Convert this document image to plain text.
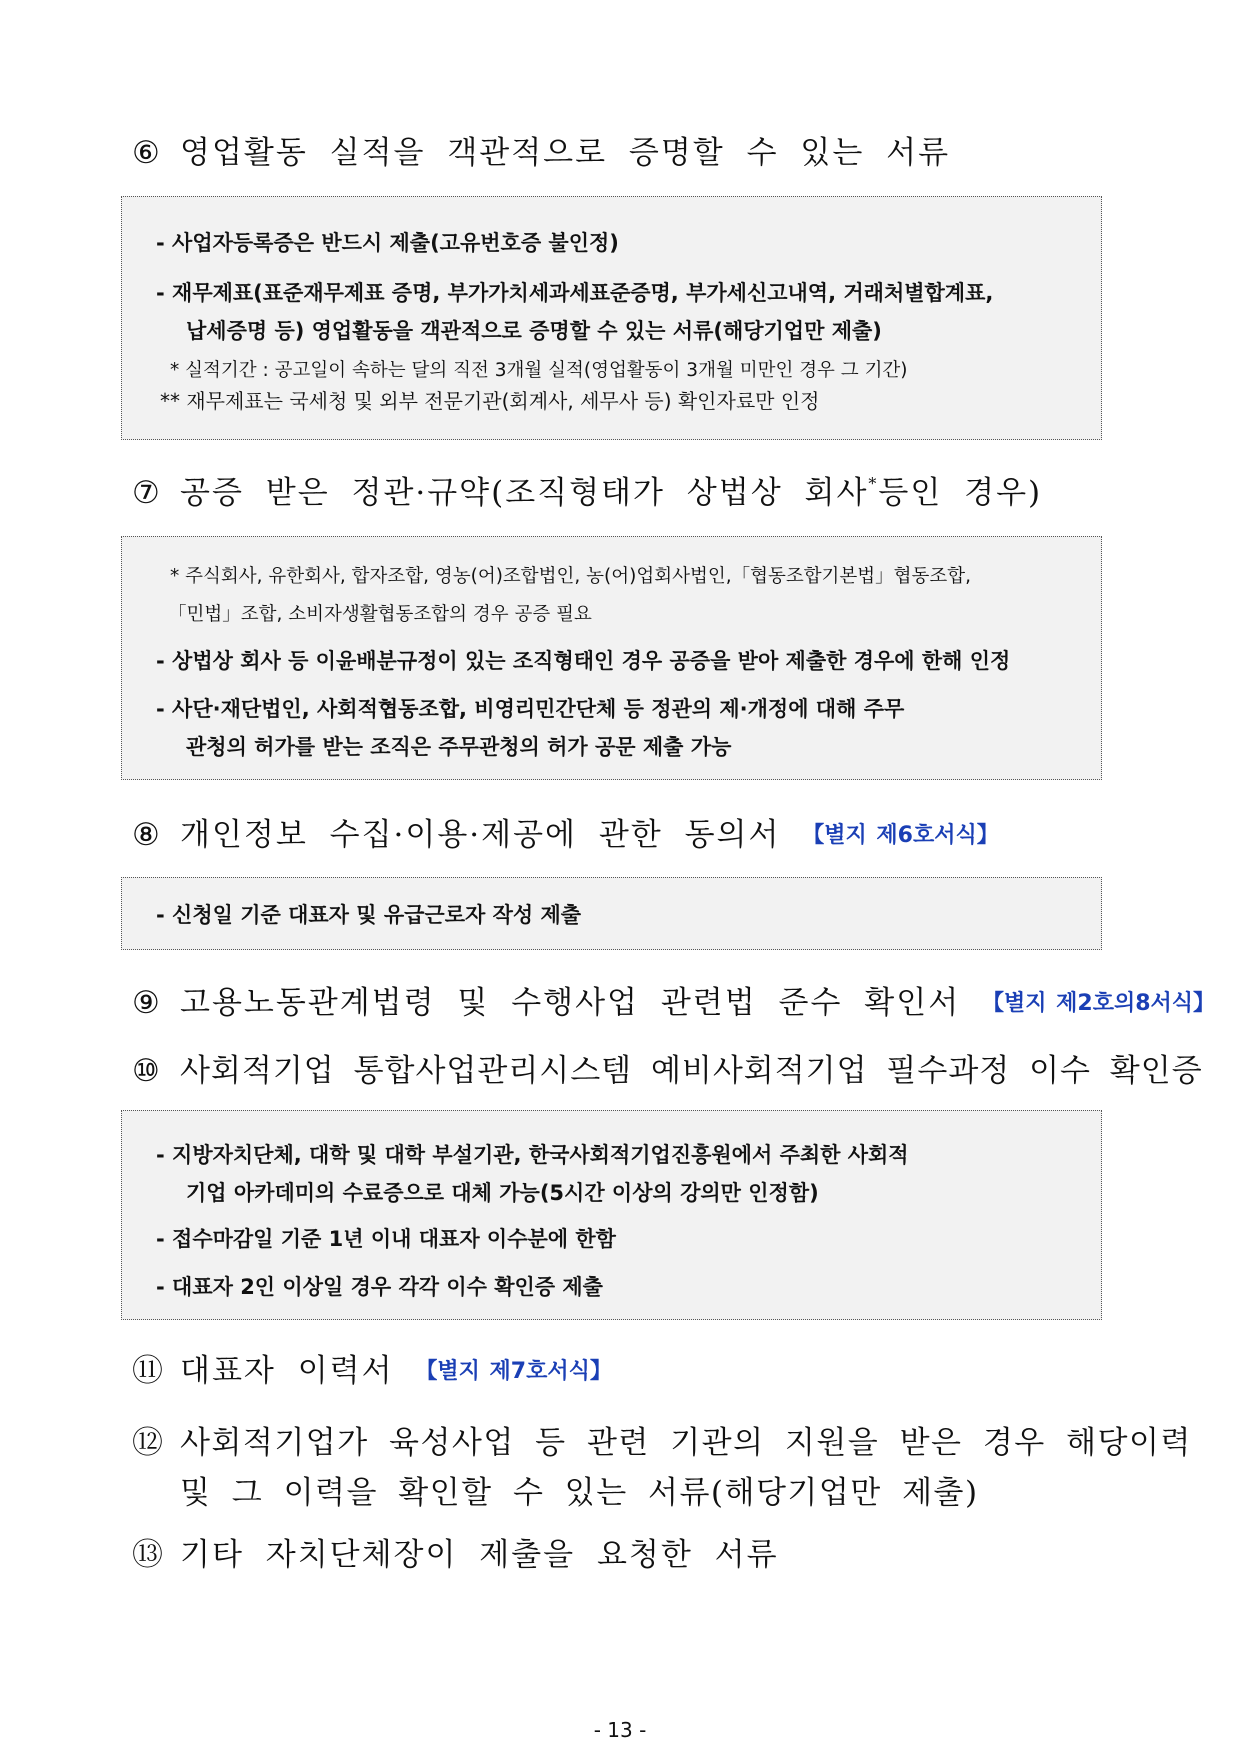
⑥ 영업활동 실적을 객관적으로 증명할 수 있는 서류
- 사업자등록증은 반드시 제출(고유번호증 불인정)
- 재무제표(표준재무제표 증명, 부가가치세과세표준증명, 부가세신고내역, 거래처별합계표,
납세증명 등) 영업활동을 객관적으로 증명할 수 있는 서류(해당기업만 제출)
* 실적기간 : 공고일이 속하는 달의 직전 3개월 실적(영업활동이 3개월 미만인 경우 그 기간)
** 재무제표는 국세청 및 외부 전문기관(회계사, 세무사 등) 확인자료만 인정
⑦ 공증 받은 정관·규약(조직형태가 상법상 회사*등인 경우)
* 주식회사, 유한회사, 합자조합, 영농(어)조합법인, 농(어)업회사법인,「협동조합기본법」협동조합,
「민법」조합, 소비자생활협동조합의 경우 공증 필요
- 상법상 회사 등 이윤배분규정이 있는 조직형태인 경우 공증을 받아 제출한 경우에 한해 인정
- 사단·재단법인, 사회적협동조합, 비영리민간단체 등 정관의 제·개정에 대해 주무
관청의 허가를 받는 조직은 주무관청의 허가 공문 제출 가능
⑧ 개인정보 수집·이용·제공에 관한 동의서 【별지 제6호서식】
- 신청일 기준 대표자 및 유급근로자 작성 제출
⑨ 고용노동관계법령 및 수행사업 관련법 준수 확인서 【별지 제2호의8서식】
⑩ 사회적기업 통합사업관리시스템 예비사회적기업 필수과정 이수 확인증
- 지방자치단체, 대학 및 대학 부설기관, 한국사회적기업진흥원에서 주최한 사회적
기업 아카데미의 수료증으로 대체 가능(5시간 이상의 강의만 인정함)
- 접수마감일 기준 1년 이내 대표자 이수분에 한함
- 대표자 2인 이상일 경우 각각 이수 확인증 제출
⑪ 대표자 이력서 【별지 제7호서식】
⑫ 사회적기업가 육성사업 등 관련 기관의 지원을 받은 경우 해당이력
및 그 이력을 확인할 수 있는 서류(해당기업만 제출)
⑬ 기타 자치단체장이 제출을 요청한 서류
- 13 -
